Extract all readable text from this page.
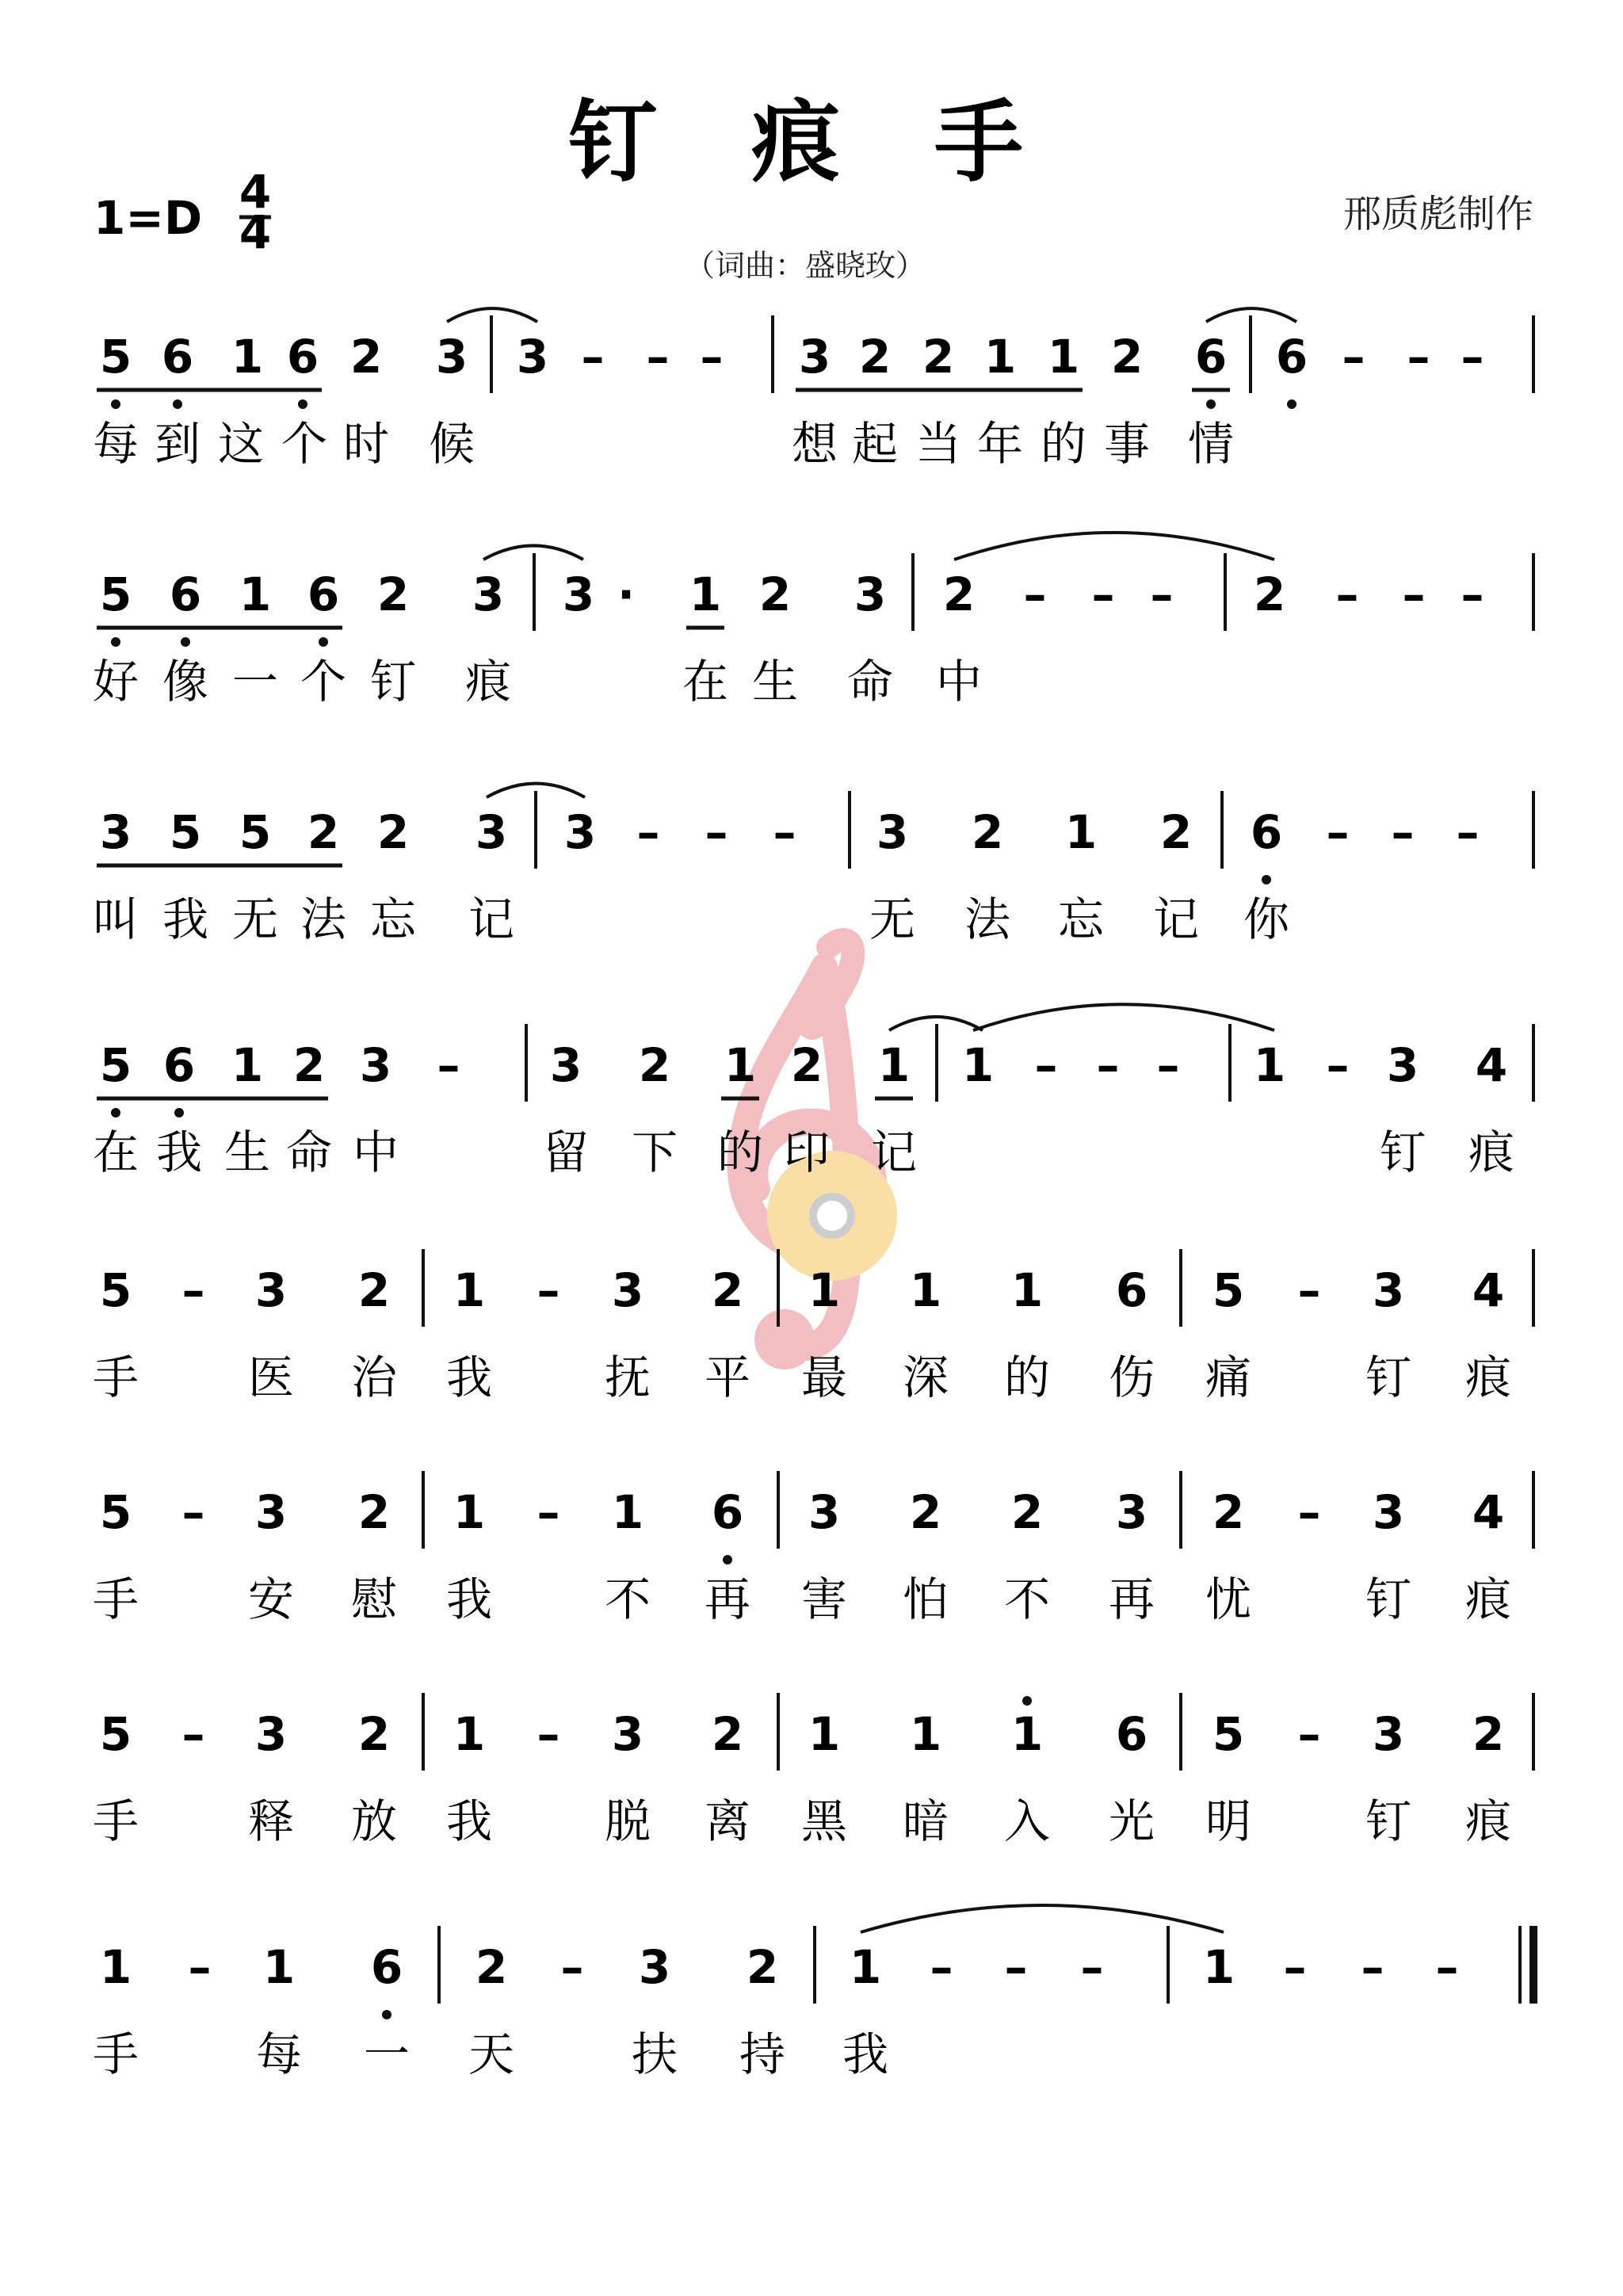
钉 痕 手
1=D 4
4
（词曲：盛晓玫）
邢质彪制作
5 6 1 6 2 3 3 – – – 3 2 2 1 1 2 6 6 – – –
每 到 这 个 时 候	想 起 当 年 的 事 情
5 6 1 6 2 3 3 · 1 2 3 2 – – – 2 – – –
好 像 一 个 钉 痕	在 生 命 中
3 5 5 2 2 3 3 – – – 3 2 1 2 6 – – –
叫 我 无 法 忘 记	无 法 忘 记 你
5 6 1 2 3 – 3 2 1 2 1 1 – – – 1 – 3 4
在 我 生 命 中	留 下 的 印 记	钉 痕
5 – 3 2 1 – 3 2 1 1 1 6 5 – 3 4
手 医 治 我 抚 平 最 深 的 伤 痛 钉 痕
5 – 3 2 1 – 1 6 3 2 2 3 2 – 3 4
手 安 慰 我 不 再 害 怕 不 再 忧 钉 痕
5 – 3 2 1 – 3 2 1 1 1 6 5 – 3 2
手 释 放 我 脱 离 黑 暗 入 光 明 钉 痕
1 – 1 6 2 – 3 2 1 – – – 1 – – –
手	每 一 天	扶 持 我
